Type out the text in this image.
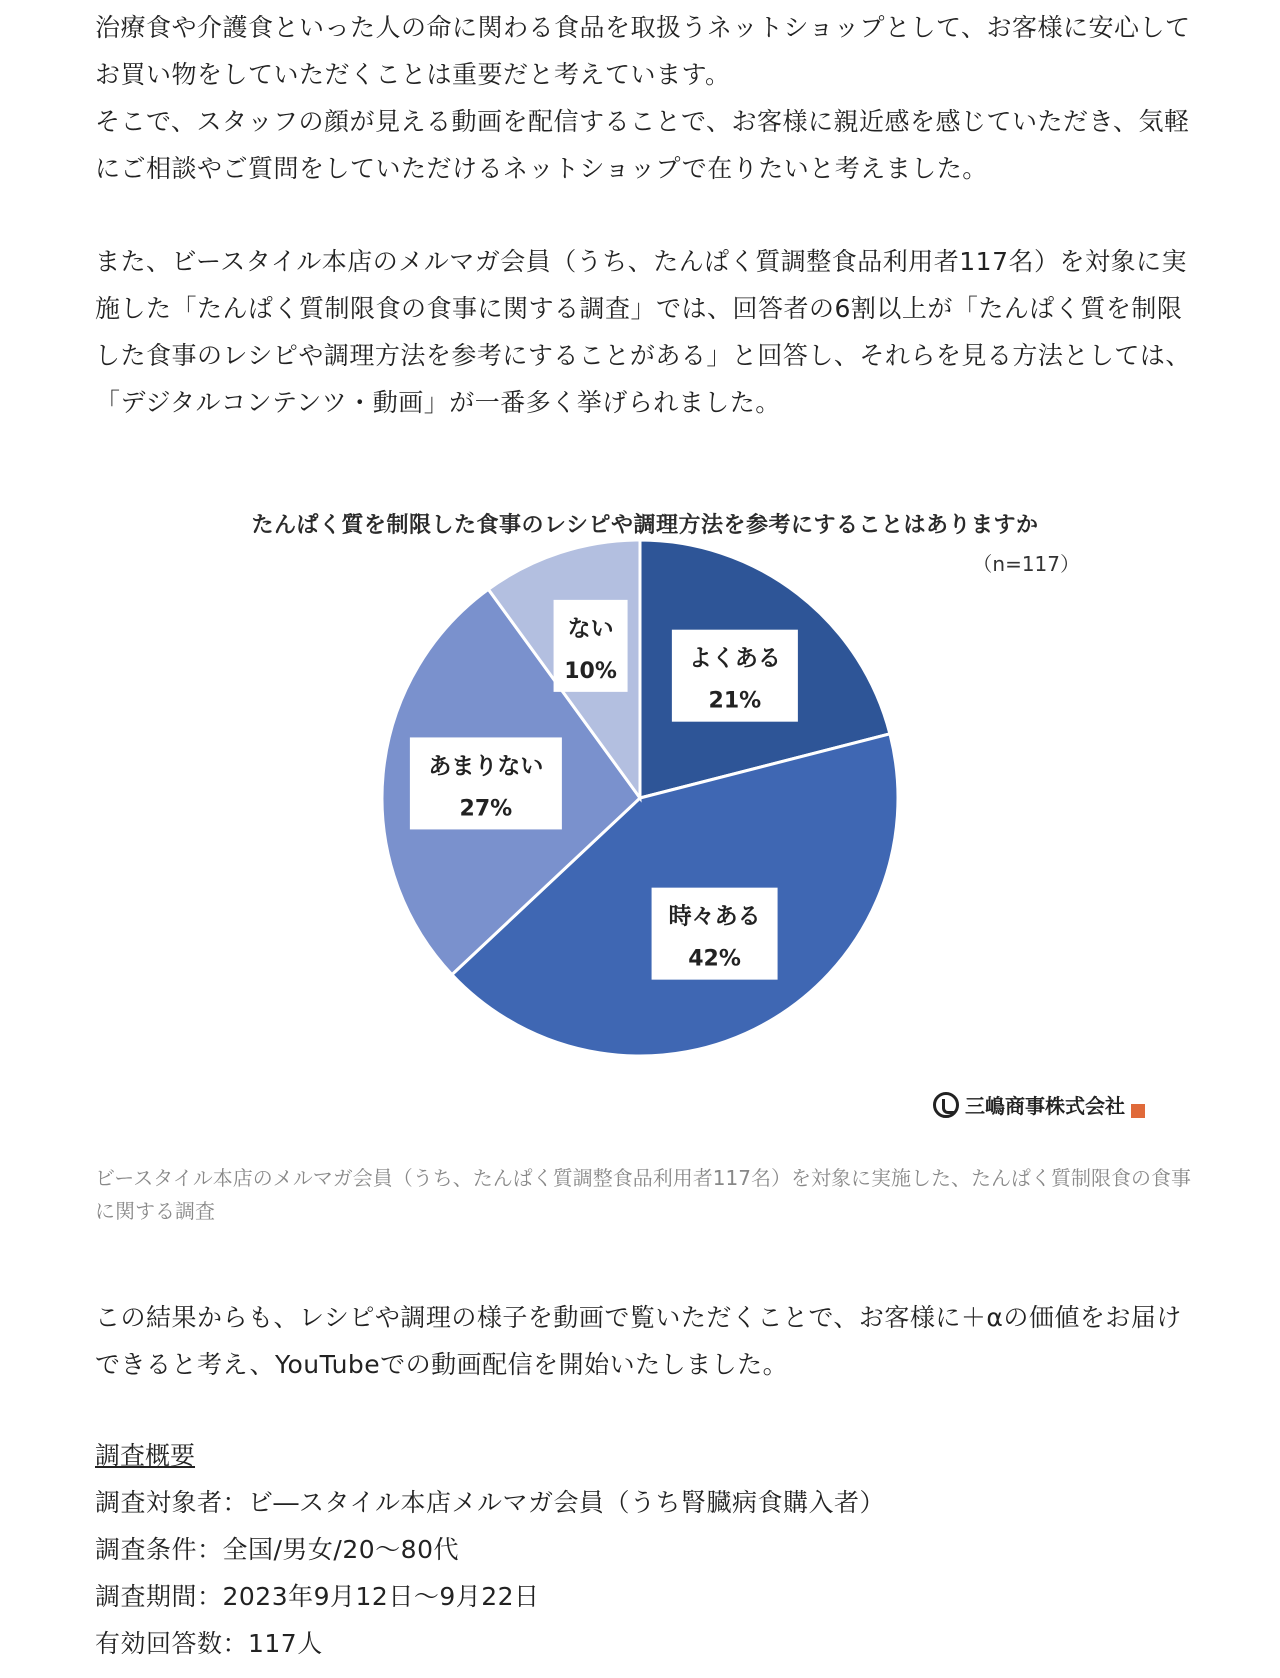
治療食や介護食といった人の命に関わる食品を取扱うネットショップとして、お客様に安心してお買い物をしていただくことは重要だと考えています。

そこで、スタッフの顔が見える動画を配信することで、お客様に親近感を感じていただき、気軽にご相談やご質問をしていただけるネットショップで在りたいと考えました。

また、ビースタイル本店のメルマガ会員（うち、たんぱく質調整食品利用者117名）を対象に実施した「たんぱく質制限食の食事に関する調査」では、回答者の6割以上が「たんぱく質を制限した食事のレシピや調理方法を参考にすることがある」と回答し、それらを見る方法としては、「デジタルコンテンツ・動画」が一番多く挙げられました。

よくある
21%
時々ある
42%
あまりない
27%
ない
10%
たんぱく質を制限した食事のレシピや調理方法を参考にすることはありますか
（n=117）
三嶋商事株式会社
ビースタイル本店のメルマガ会員（うち、たんぱく質調整食品利用者117名）を対象に実施した、たんぱく質制限食の食事に関する調査

この結果からも、レシピや調理の様子を動画で覧いただくことで、お客様に＋αの価値をお届けできると考え、YouTubeでの動画配信を開始いたしました。

調査概要

調査対象者：ビ―スタイル本店メルマガ会員（うち腎臓病食購入者）

調査条件：全国/男女/20～80代

調査期間：2023年9月12日～9月22日

有効回答数：117人
